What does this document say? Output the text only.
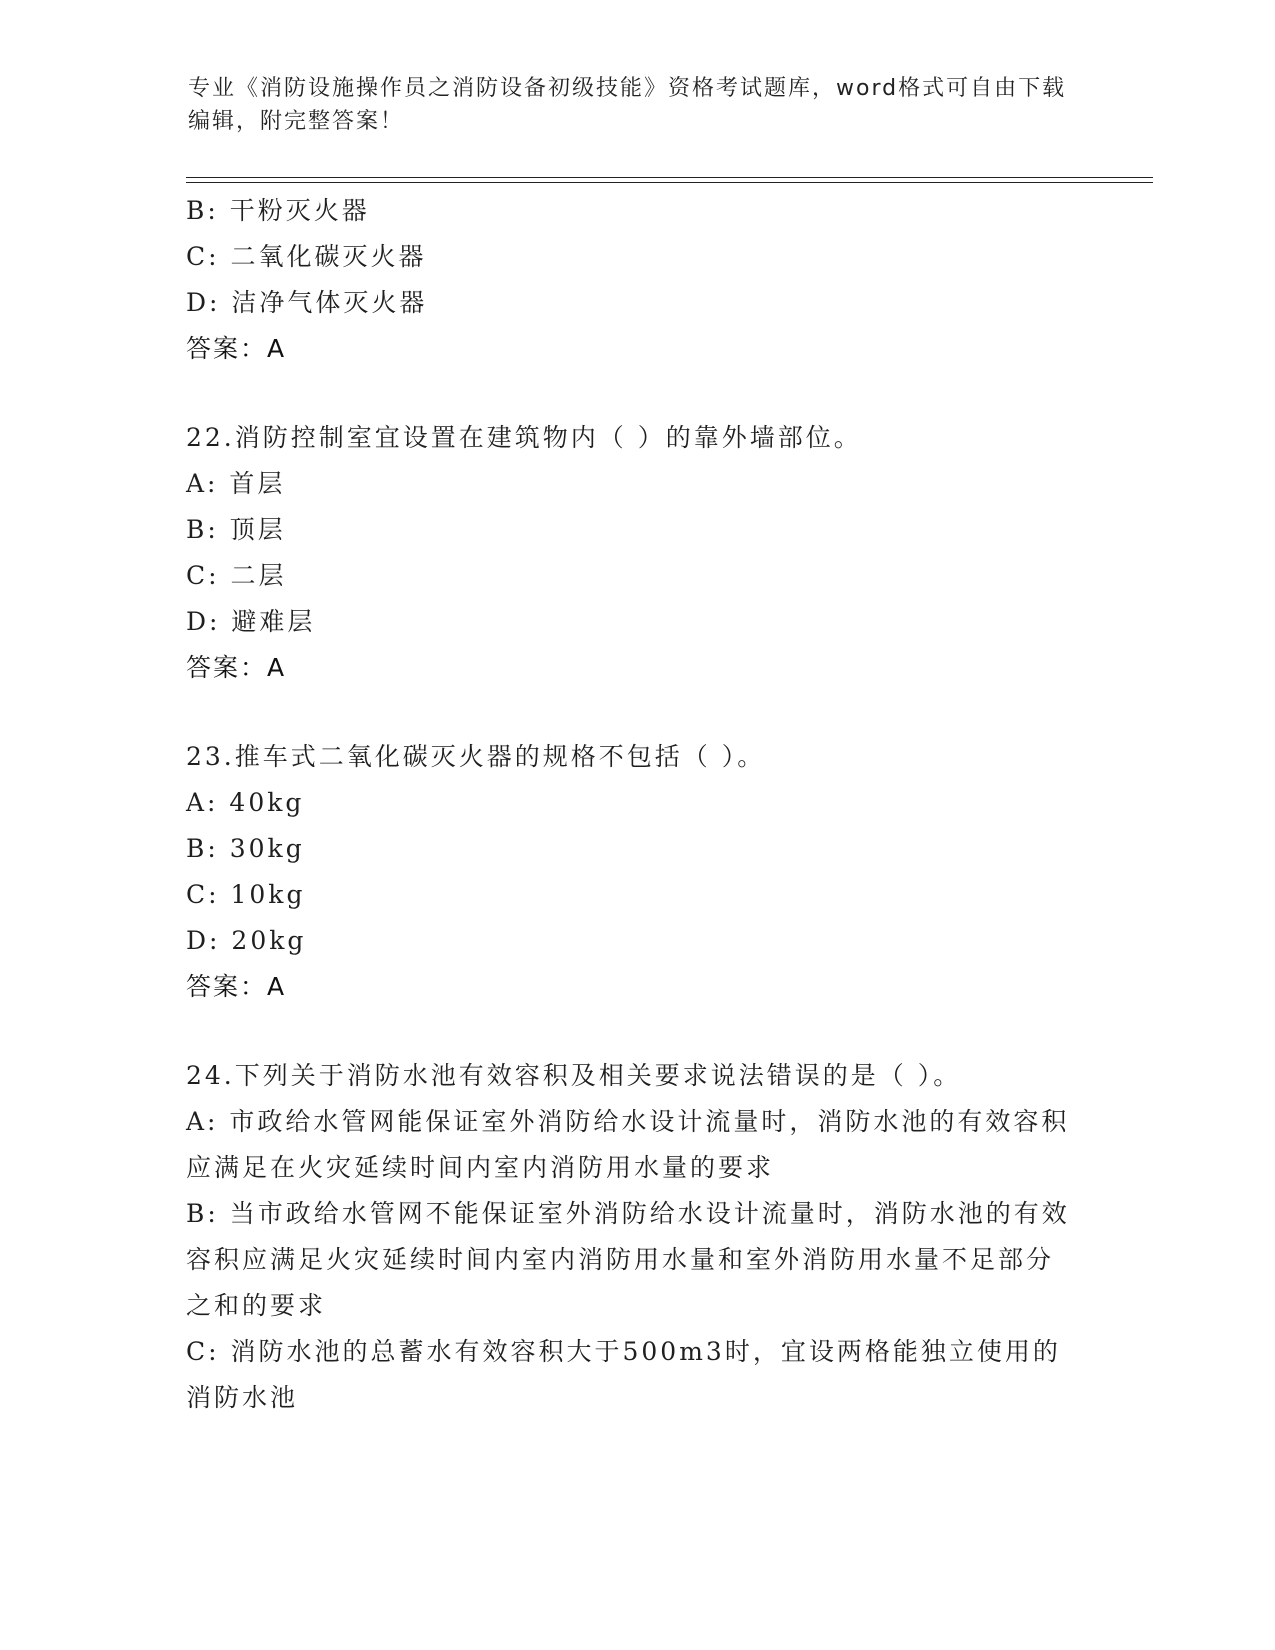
专业《消防设施操作员之消防设备初级技能》资格考试题库，word格式可自由下载编辑，附完整答案！
B: 干粉灭火器
C: 二氧化碳灭火器
D: 洁净气体灭火器
答案：A
22.消防控制室宜设置在建筑物内（ ）的靠外墙部位。
A: 首层
B: 顶层
C: 二层
D: 避难层
答案：A
23.推车式二氧化碳灭火器的规格不包括（ ）。
A: 40kg
B: 30kg
C: 10kg
D: 20kg
答案：A
24.下列关于消防水池有效容积及相关要求说法错误的是（ ）。
A: 市政给水管网能保证室外消防给水设计流量时，消防水池的有效容积应满足在火灾延续时间内室内消防用水量的要求
B: 当市政给水管网不能保证室外消防给水设计流量时，消防水池的有效容积应满足火灾延续时间内室内消防用水量和室外消防用水量不足部分之和的要求
C: 消防水池的总蓄水有效容积大于500m3时，宜设两格能独立使用的消防水池
